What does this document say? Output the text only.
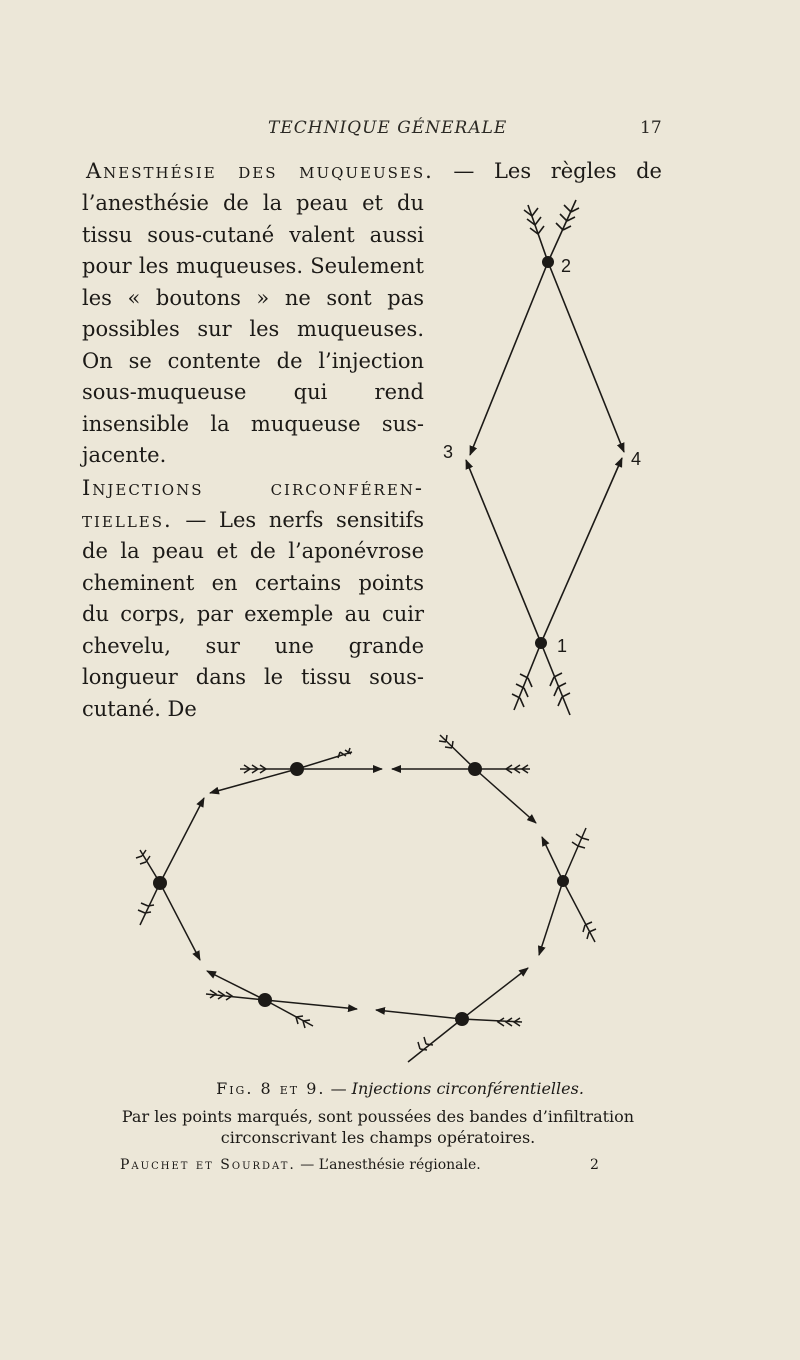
TECHNIQUE GÉNERALE	17
Anesthésie des muqueuses. — Les règles de
l’anesthésie de la peau et du tissu sous-cutané valent aussi pour les muqueuses. Seulement les « boutons » ne sont pas possibles sur les muqueuses. On se contente de l’injection sous-muqueuse qui rend insensible la muqueuse sus-jacente.
Injections circonféren-
tielles. — Les nerfs sensitifs de la peau et de l’aponévrose cheminent en certains points du corps, par exemple au cuir chevelu, sur une grande longueur dans le tissu sous-cutané. De
2
1
3	4
Fig. 8 et 9. — Injections circonférentielles.
Par les points marqués, sont poussées des bandes d’infiltration circonscrivant les champs opératoires.
Pauchet et Sourdat. — L’anesthésie régionale.	2
